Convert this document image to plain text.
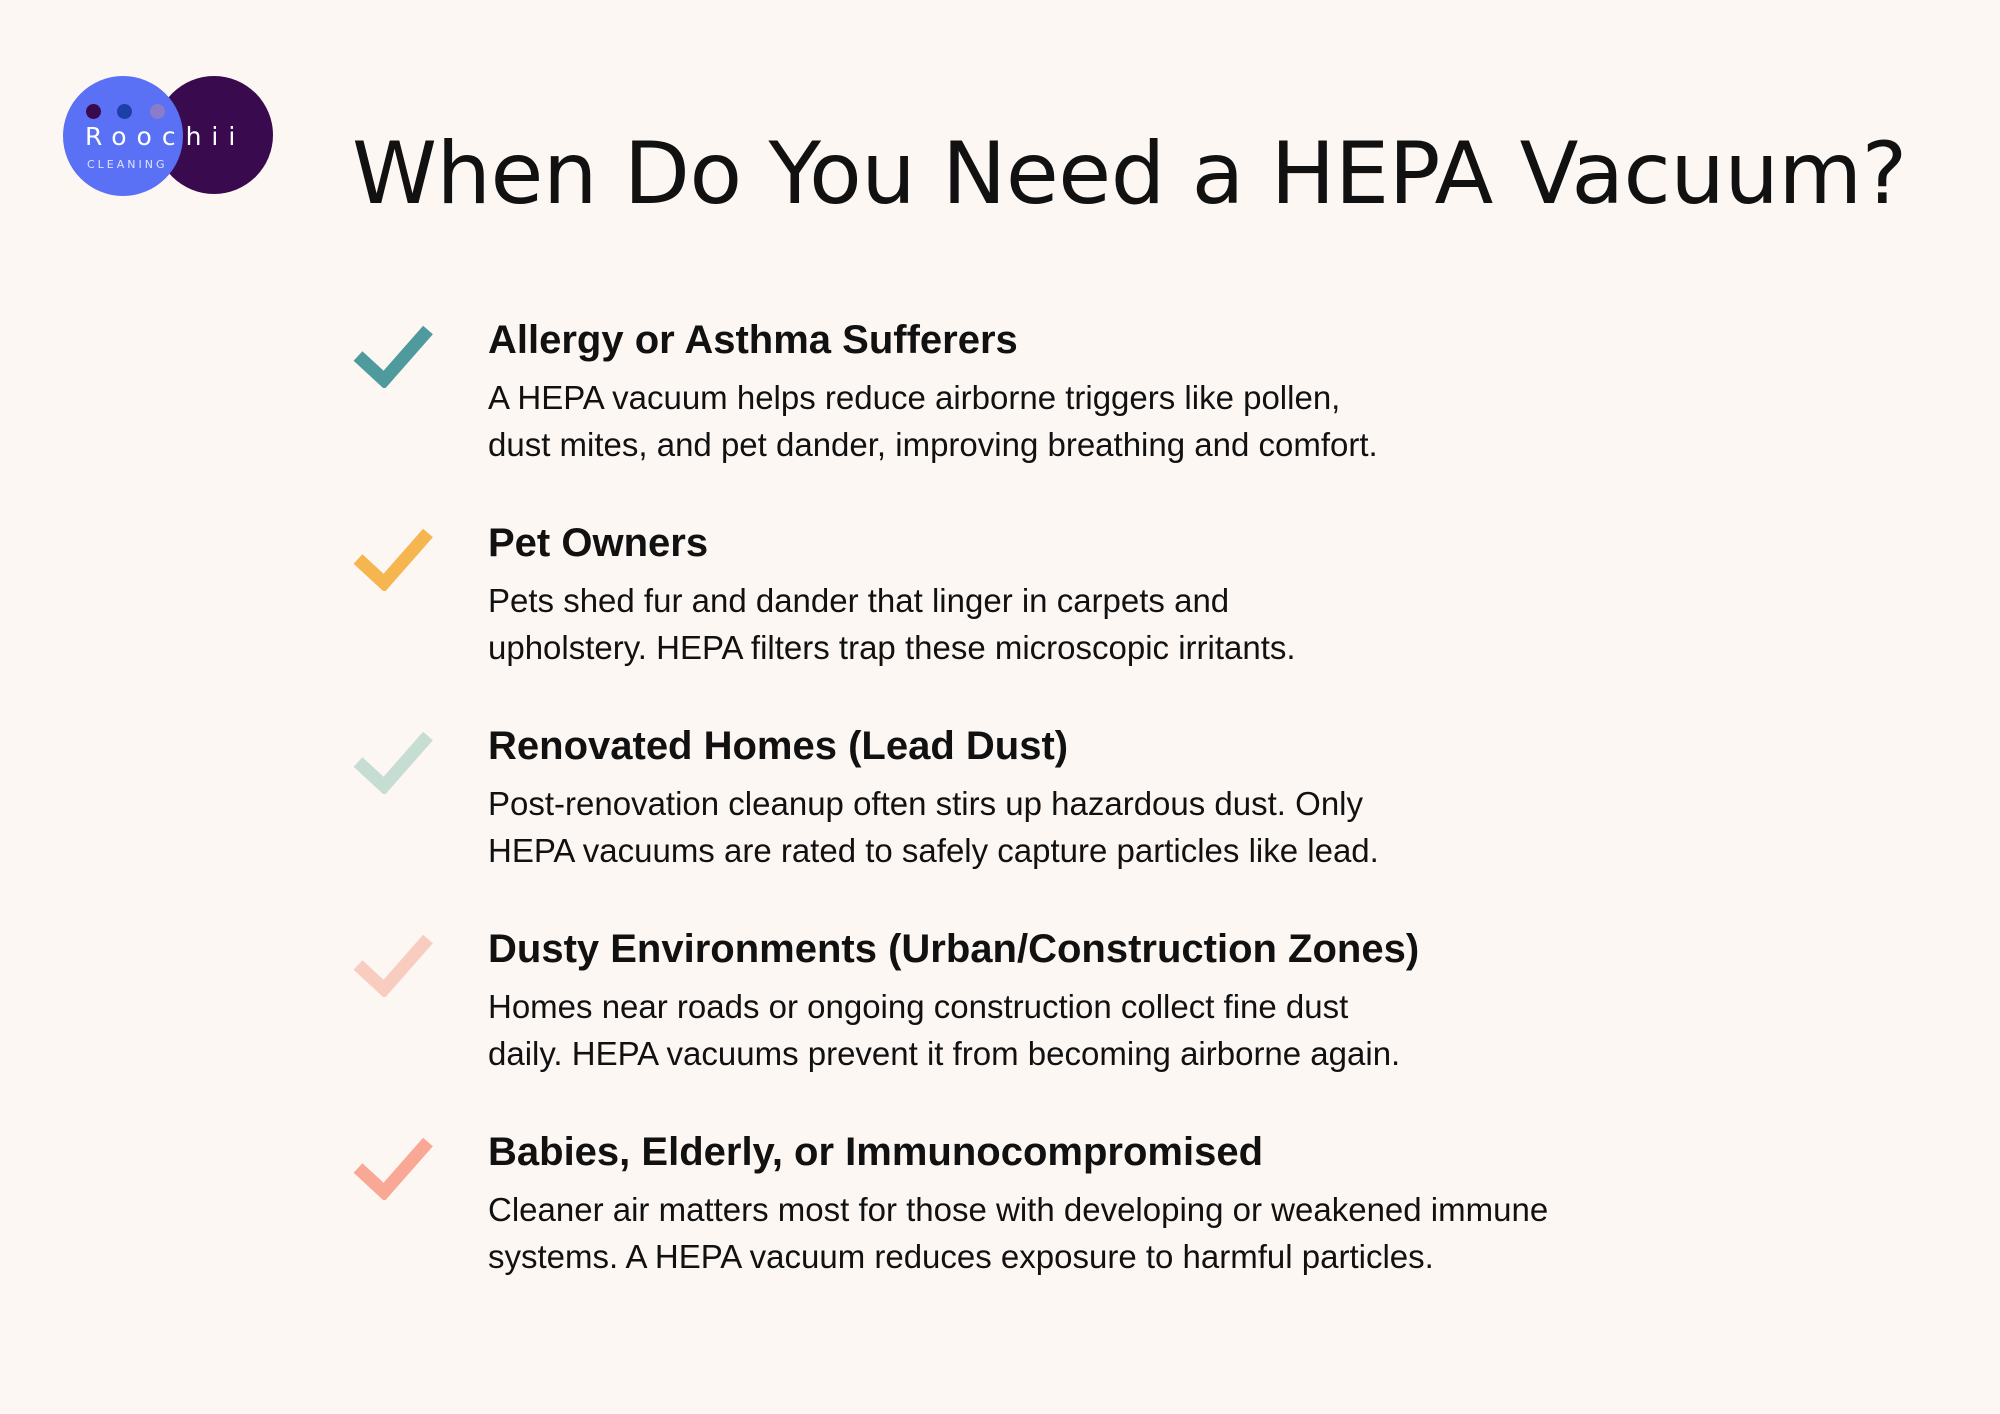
Roochii
CLEANING When Do You Need a HEPA Vacuum?
Allergy or Asthma Sufferers

A HEPA vacuum helps reduce airborne triggers like pollen,
dust mites, and pet dander, improving breathing and comfort.

Pet Owners

Pets shed fur and dander that linger in carpets and
upholstery. HEPA filters trap these microscopic irritants.

Renovated Homes (Lead Dust)

Post-renovation cleanup often stirs up hazardous dust. Only
HEPA vacuums are rated to safely capture particles like lead.

Dusty Environments (Urban/Construction Zones)

Homes near roads or ongoing construction collect fine dust
daily. HEPA vacuums prevent it from becoming airborne again.

Babies, Elderly, or Immunocompromised

Cleaner air matters most for those with developing or weakened immune
systems. A HEPA vacuum reduces exposure to harmful particles.
